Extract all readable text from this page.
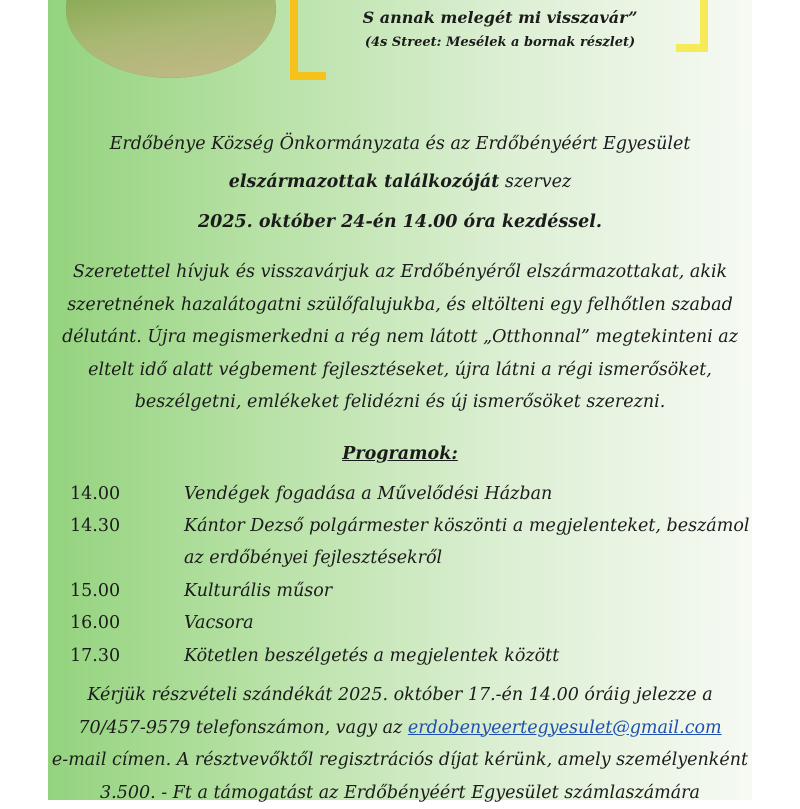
S annak melegét mi visszavár”
(4s Street: Mesélek a bornak részlet)
Erdőbénye Község Önkormányzata és az Erdőbényéért Egyesület
elszármazottak találkozóját szervez
2025. október 24-én 14.00 óra kezdéssel.
Szeretettel hívjuk és visszavárjuk az Erdőbényéről elszármazottakat, akik
szeretnének hazalátogatni szülőfalujukba, és eltölteni egy felhőtlen szabad
délutánt. Újra megismerkedni a rég nem látott „Otthonnal” megtekinteni az
eltelt idő alatt végbement fejlesztéseket, újra látni a régi ismerősöket,
beszélgetni, emlékeket felidézni és új ismerősöket szerezni.
Programok:
14.00	Vendégek fogadása a Művelődési Házban
14.30	Kántor Dezső polgármester köszönti a megjelenteket, beszámol
az erdőbényei fejlesztésekről
15.00	Kulturális műsor
16.00	Vacsora
17.30	Kötetlen beszélgetés a megjelentek között
Kérjük részvételi szándékát 2025. október 17.-én 14.00 óráig jelezze a
70/457-9579 telefonszámon, vagy az erdobenyeertegyesulet@gmail.com
e-mail címen. A résztvevőktől regisztrációs díjat kérünk, amely személyenként
3.500. - Ft a támogatást az Erdőbényéért Egyesület számlaszámára
